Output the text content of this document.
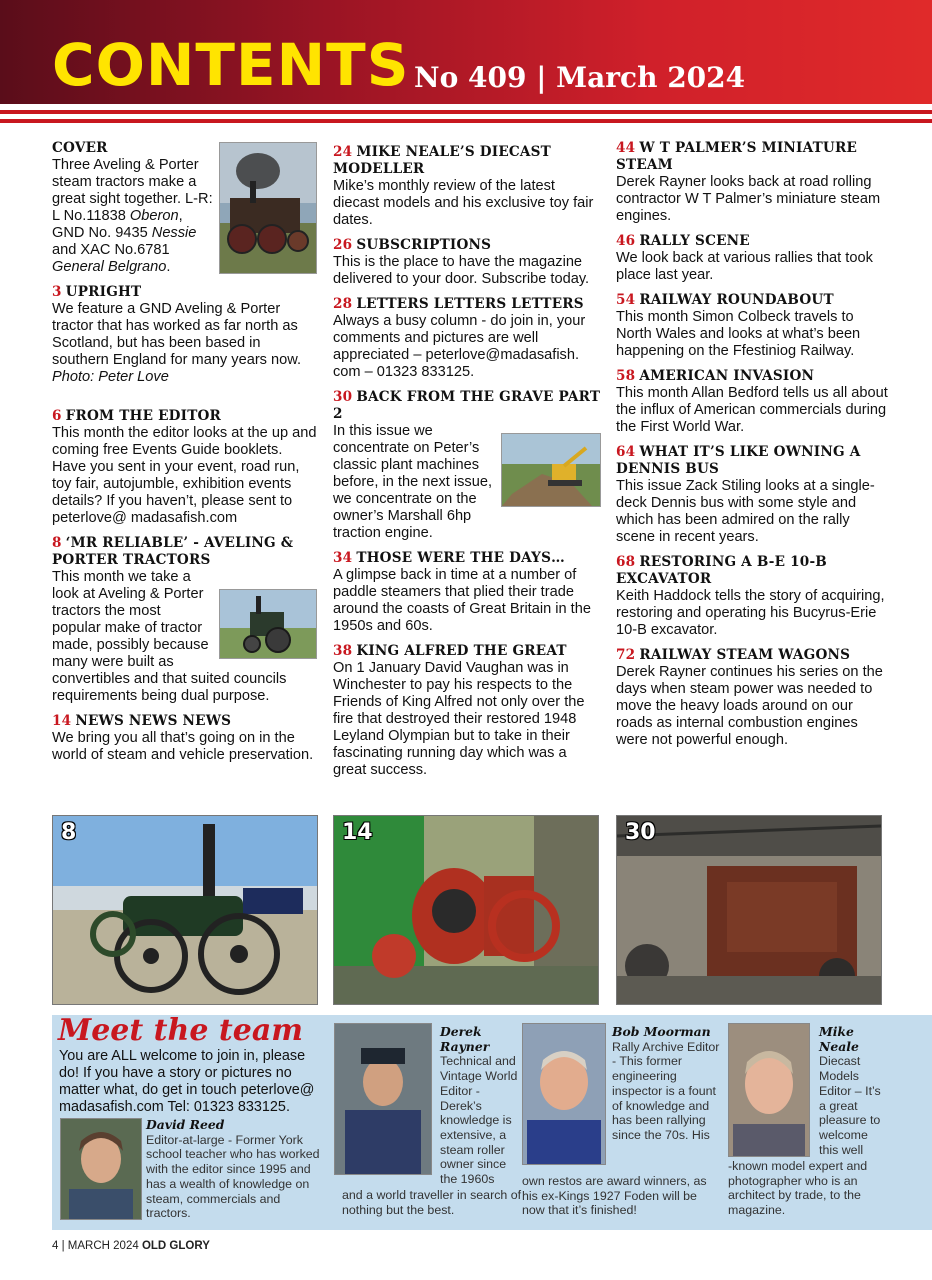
CONTENTS No 409 | March 2024
COVER

Three Aveling & Porter steam tractors make a great sight together. L-R: L No.11838 Oberon, GND No. 9435 Nessie and XAC No.6781 General Belgrano.

3 UPRIGHT

We feature a GND Aveling & Porter tractor that has worked as far north as Scotland, but has been based in southern England for many years now.
Photo: Peter Love

6 FROM THE EDITOR

This month the editor looks at the up and coming free Events Guide booklets. Have you sent in your event, road run, toy fair, autojumble, exhibition events details? If you haven’t, please sent to peterlove@ madasafish.com

8 ‘MR RELIABLE’ - AVELING & PORTER TRACTORS

This month we take a look at Aveling & Porter tractors the most popular make of tractor made, possibly because many were built as convertibles and that suited councils requirements being dual purpose.

14 NEWS NEWS NEWS

We bring you all that’s going on in the world of steam and vehicle preservation.

24 MIKE NEALE’S DIECAST MODELLER

Mike’s monthly review of the latest diecast models and his exclusive toy fair dates.

26 SUBSCRIPTIONS

This is the place to have the magazine delivered to your door. Subscribe today.

28 LETTERS LETTERS LETTERS

Always a busy column - do join in, your comments and pictures are well appreciated – peterlove@madasafish. com – 01323 833125.

30 BACK FROM THE GRAVE PART 2

In this issue we concentrate on Peter’s classic plant machines before, in the next issue, we concentrate on the owner’s Marshall 6hp traction engine.

34 THOSE WERE THE DAYS…

A glimpse back in time at a number of paddle steamers that plied their trade around the coasts of Great Britain in the 1950s and 60s.

38 KING ALFRED THE GREAT

On 1 January David Vaughan was in Winchester to pay his respects to the Friends of King Alfred not only over the fire that destroyed their restored 1948 Leyland Olympian but to take in their fascinating running day which was a great success.

44 W T PALMER’S MINIATURE STEAM

Derek Rayner looks back at road rolling contractor W T Palmer’s miniature steam engines.

46 RALLY SCENE

We look back at various rallies that took place last year.

54 RAILWAY ROUNDABOUT

This month Simon Colbeck travels to North Wales and looks at what’s been happening on the Ffestiniog Railway.

58 AMERICAN INVASION

This month Allan Bedford tells us all about the influx of American commercials during the First World War.

64 WHAT IT’S LIKE OWNING A DENNIS BUS

This issue Zack Stiling looks at a single-deck Dennis bus with some style and which has been admired on the rally scene in recent years.

68 RESTORING A B-E 10-B EXCAVATOR

Keith Haddock tells the story of acquiring, restoring and operating his Bucyrus-Erie 10-B excavator.

72 RAILWAY STEAM WAGONS

Derek Rayner continues his series on the days when steam power was needed to move the heavy loads around on our roads as internal combustion engines were not powerful enough.

8	14	30
Meet the team
You are ALL welcome to join in, please do! If you have a story or pictures no matter what, do get in touch peterlove@ madasafish.com Tel: 01323 833125.
David Reed
Editor-at-large - Former York school teacher who has worked with the editor since 1995 and has a wealth of knowledge on steam, commercials and tractors.
Derek
Rayner
Technical and Vintage World Editor - Derek’s knowledge is extensive, a steam roller owner since the 1960s
and a world traveller in search of nothing but the best.
Bob Moorman
Rally Archive Editor - This former engineering inspector is a fount of knowledge and has been rallying since the 70s. His
own restos are award winners, as his ex-Kings 1927 Foden will be now that it’s finished!
Mike
Neale
Diecast Models Editor – It’s a great pleasure to welcome this well
-known model expert and photographer who is an architect by trade, to the magazine.
4 | MARCH 2024 OLD GLORY
